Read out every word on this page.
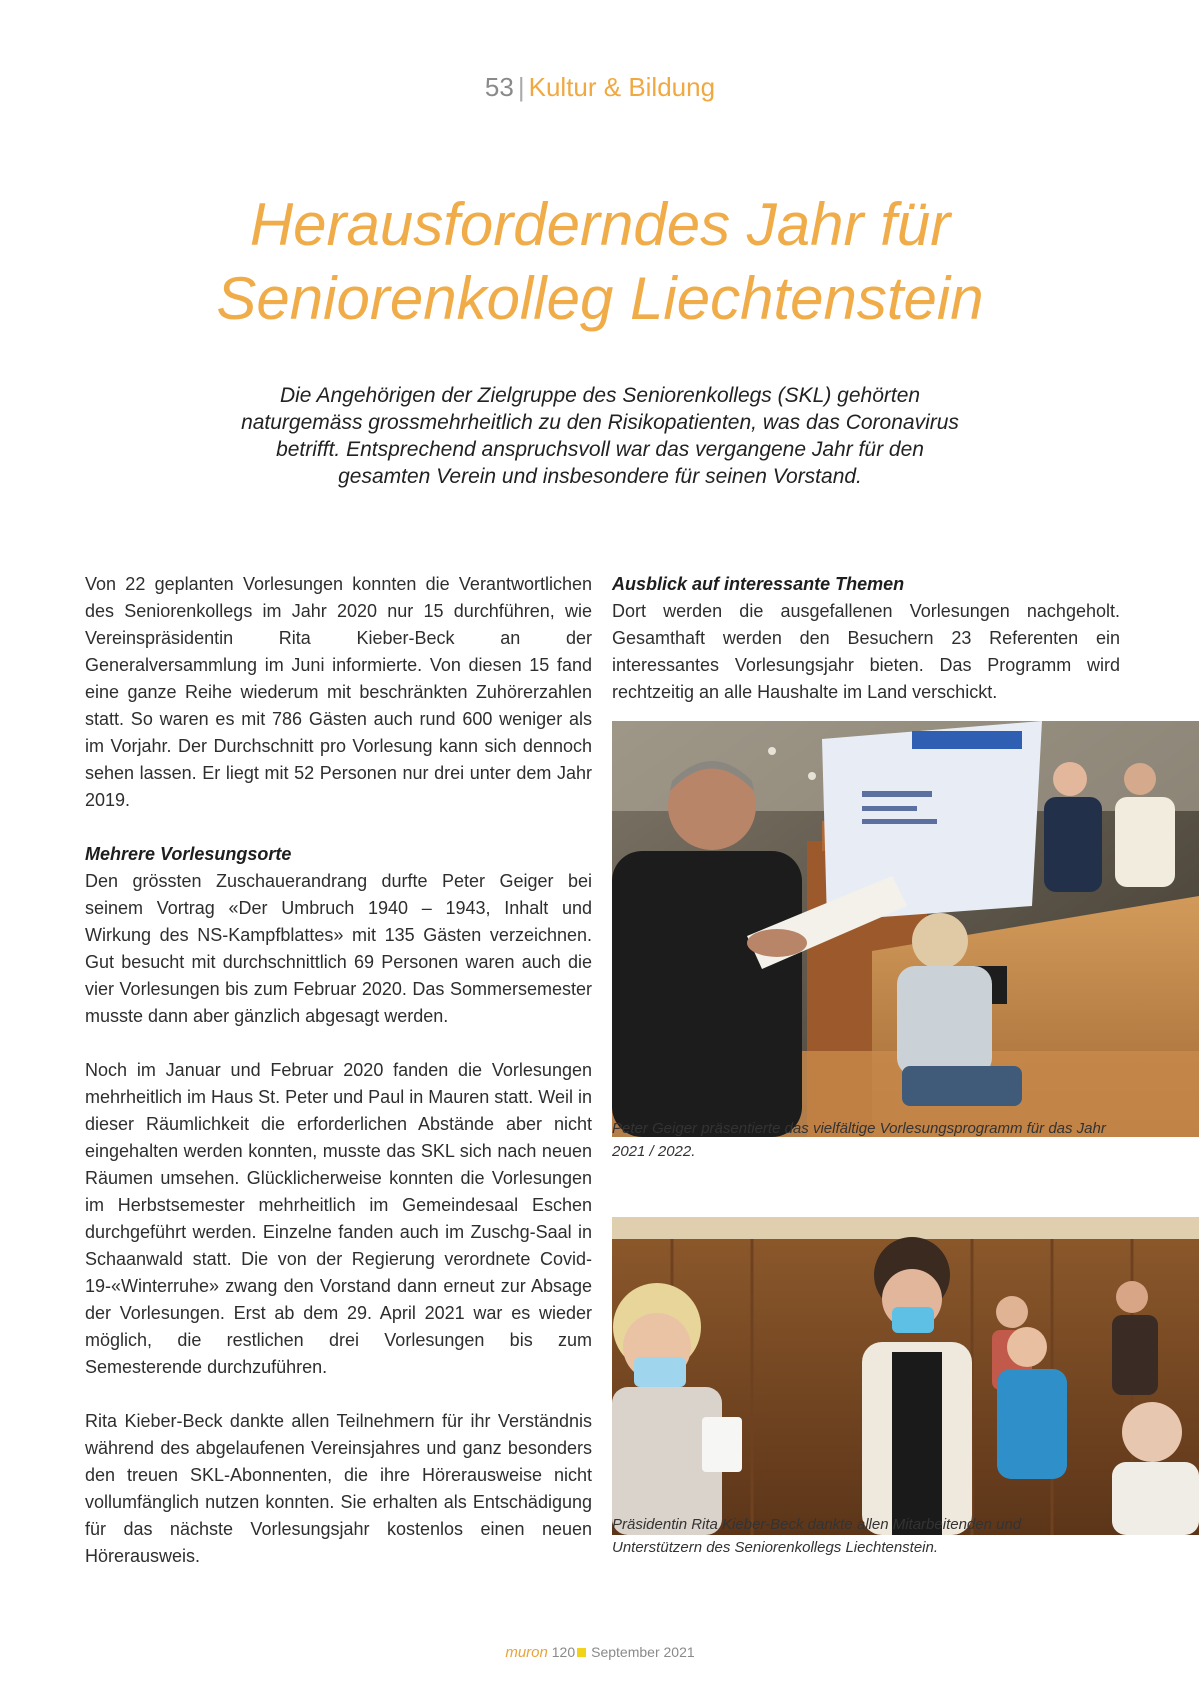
53 | Kultur & Bildung
Herausforderndes Jahr für
Seniorenkolleg Liechtenstein

Die Angehörigen der Zielgruppe des Seniorenkollegs (SKL) gehörten
naturgemäss grossmehrheitlich zu den Risikopatienten, was das Coronavirus
betrifft. Entsprechend anspruchsvoll war das vergangene Jahr für den
gesamten Verein und insbesondere für seinen Vorstand.

Von 22 geplanten Vorlesungen konnten die Verantwortlichen des Seniorenkollegs im Jahr 2020 nur 15 durchführen, wie Vereinspräsidentin Rita Kieber-Beck an der Generalversammlung im Juni informierte. Von diesen 15 fand eine ganze Reihe wiederum mit beschränkten Zuhörerzahlen statt. So waren es mit 786 Gästen auch rund 600 weniger als im Vorjahr. Der Durchschnitt pro Vorlesung kann sich dennoch sehen lassen. Er liegt mit 52 Personen nur drei unter dem Jahr 2019.

Mehrere Vorlesungsorte

Den grössten Zuschauerandrang durfte Peter Geiger bei seinem Vortrag «Der Umbruch 1940 – 1943, Inhalt und Wirkung des NS-Kampfblattes» mit 135 Gästen verzeichnen. Gut besucht mit durchschnittlich 69 Personen waren auch die vier Vorlesungen bis zum Februar 2020. Das Sommersemester musste dann aber gänzlich abgesagt werden.

Noch im Januar und Februar 2020 fanden die Vorlesungen mehrheitlich im Haus St. Peter und Paul in Mauren statt. Weil in dieser Räumlichkeit die erforderlichen Abstände aber nicht eingehalten werden konnten, musste das SKL sich nach neuen Räumen umsehen. Glücklicherweise konnten die Vorlesungen im Herbstsemester mehrheitlich im Gemeindesaal Eschen durchgeführt werden. Einzelne fanden auch im Zuschg-Saal in Schaanwald statt. Die von der Regierung verordnete Covid-19-«Winterruhe» zwang den Vorstand dann erneut zur Absage der Vorlesungen. Erst ab dem 29. April 2021 war es wieder möglich, die restlichen drei Vorlesungen bis zum Semesterende durchzuführen.

Rita Kieber-Beck dankte allen Teilnehmern für ihr Verständnis während des abgelaufenen Vereinsjahres und ganz besonders den treuen SKL-Abonnenten, die ihre Hörerausweise nicht vollumfänglich nutzen konnten. Sie erhalten als Entschädigung für das nächste Vorlesungsjahr kostenlos einen neuen Hörerausweis.

Ausblick auf interessante Themen

Dort werden die ausgefallenen Vorlesungen nachgeholt. Gesamthaft werden den Besuchern 23 Referenten ein interessantes Vorlesungsjahr bieten. Das Programm wird rechtzeitig an alle Haushalte im Land verschickt.

Peter Geiger präsentierte das vielfältige Vorlesungsprogramm für das Jahr 2021 / 2022.
Präsidentin Rita Kieber-Beck dankte allen Mitarbeitenden und Unterstützern des Seniorenkollegs Liechtenstein.
muron 120 September 2021
